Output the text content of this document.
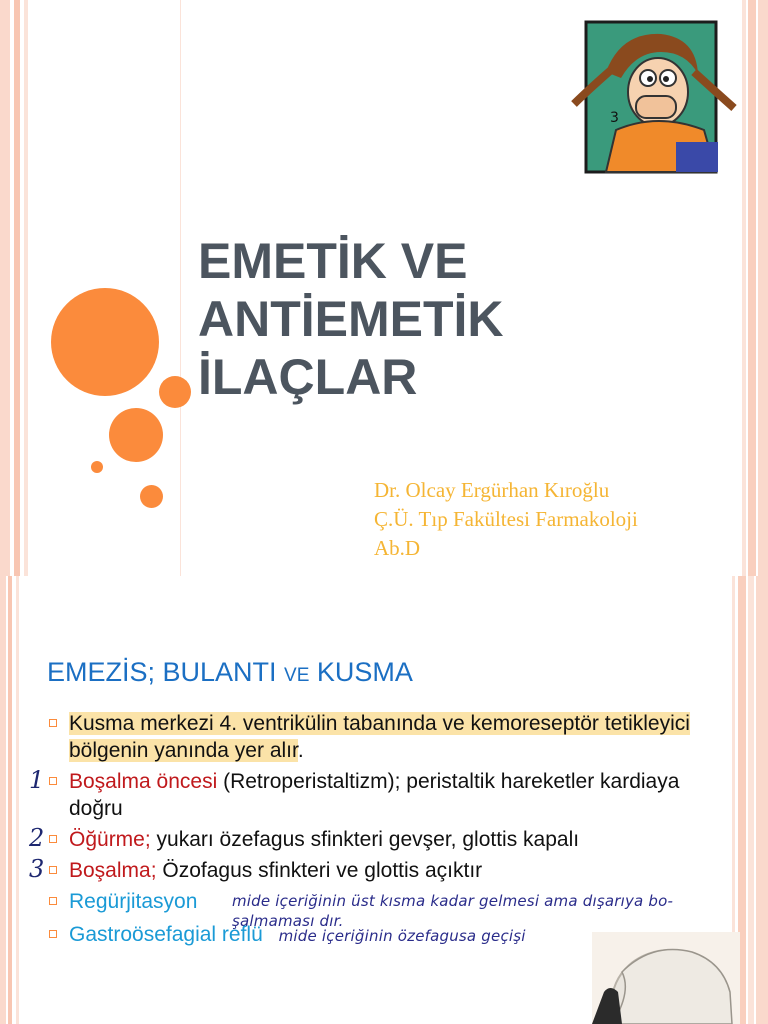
EMETİK VE
ANTİEMETİK
İLAÇLAR
Dr. Olcay Ergürhan Kıroğlu
Ç.Ü. Tıp Fakültesi Farmakoloji
Ab.D
3
EMEZİS; BULANTI VE KUSMA
Kusma merkezi 4. ventrikülin tabanında ve kemoreseptör tetikleyici bölgenin yanında yer alır.
1 Boşalma öncesi (Retroperistaltizm); peristaltik hareketler kardiaya doğru
2 Öğürme; yukarı özefagus sfinkteri gevşer, glottis kapalı
3 Boşalma; Özofagus sfinkteri ve glottis açıktır
Regürjitasyon mide içeriğinin üst kısma kadar gelmesi ama dışarıya bo-
şalmaması dır.
Gastroösefagial reflü mide içeriğinin özefagusa geçişi
